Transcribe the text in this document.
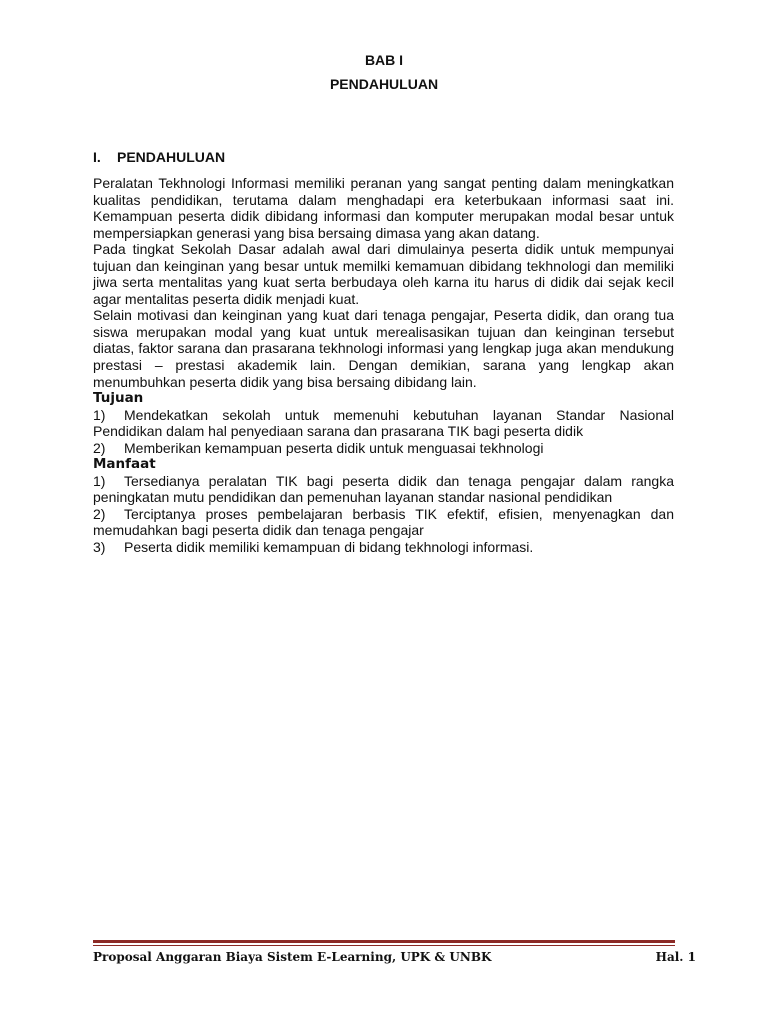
BAB I
PENDAHULUAN
I. PENDAHULUAN

Peralatan Tekhnologi Informasi memiliki peranan yang sangat penting dalam meningkatkan kualitas pendidikan, terutama dalam menghadapi era keterbukaan informasi saat ini. Kemampuan peserta didik dibidang informasi dan komputer merupakan modal besar untuk mempersiapkan generasi yang bisa bersaing dimasa yang akan datang.

Pada tingkat Sekolah Dasar adalah awal dari dimulainya peserta didik untuk mempunyai tujuan dan keinginan yang besar untuk memilki kemamuan dibidang tekhnologi dan memiliki jiwa serta mentalitas yang kuat serta berbudaya oleh karna itu harus di didik dai sejak kecil agar mentalitas peserta didik menjadi kuat.

Selain motivasi dan keinginan yang kuat dari tenaga pengajar, Peserta didik, dan orang tua siswa merupakan modal yang kuat untuk merealisasikan tujuan dan keinginan tersebut diatas, faktor sarana dan prasarana tekhnologi informasi yang lengkap juga akan mendukung prestasi – prestasi akademik lain. Dengan demikian, sarana yang lengkap akan menumbuhkan peserta didik yang bisa bersaing dibidang lain.

Tujuan

1) Mendekatkan sekolah untuk memenuhi kebutuhan layanan Standar Nasional Pendidikan dalam hal penyediaan sarana dan prasarana TIK bagi peserta didik

2) Memberikan kemampuan peserta didik untuk menguasai tekhnologi

Manfaat

1) Tersedianya peralatan TIK bagi peserta didik dan tenaga pengajar dalam rangka peningkatan mutu pendidikan dan pemenuhan layanan standar nasional pendidikan

2) Terciptanya proses pembelajaran berbasis TIK efektif, efisien, menyenagkan dan memudahkan bagi peserta didik dan tenaga pengajar

3) Peserta didik memiliki kemampuan di bidang tekhnologi informasi.

Proposal Anggaran Biaya Sistem E-Learning, UPK & UNBK	Hal. 1
